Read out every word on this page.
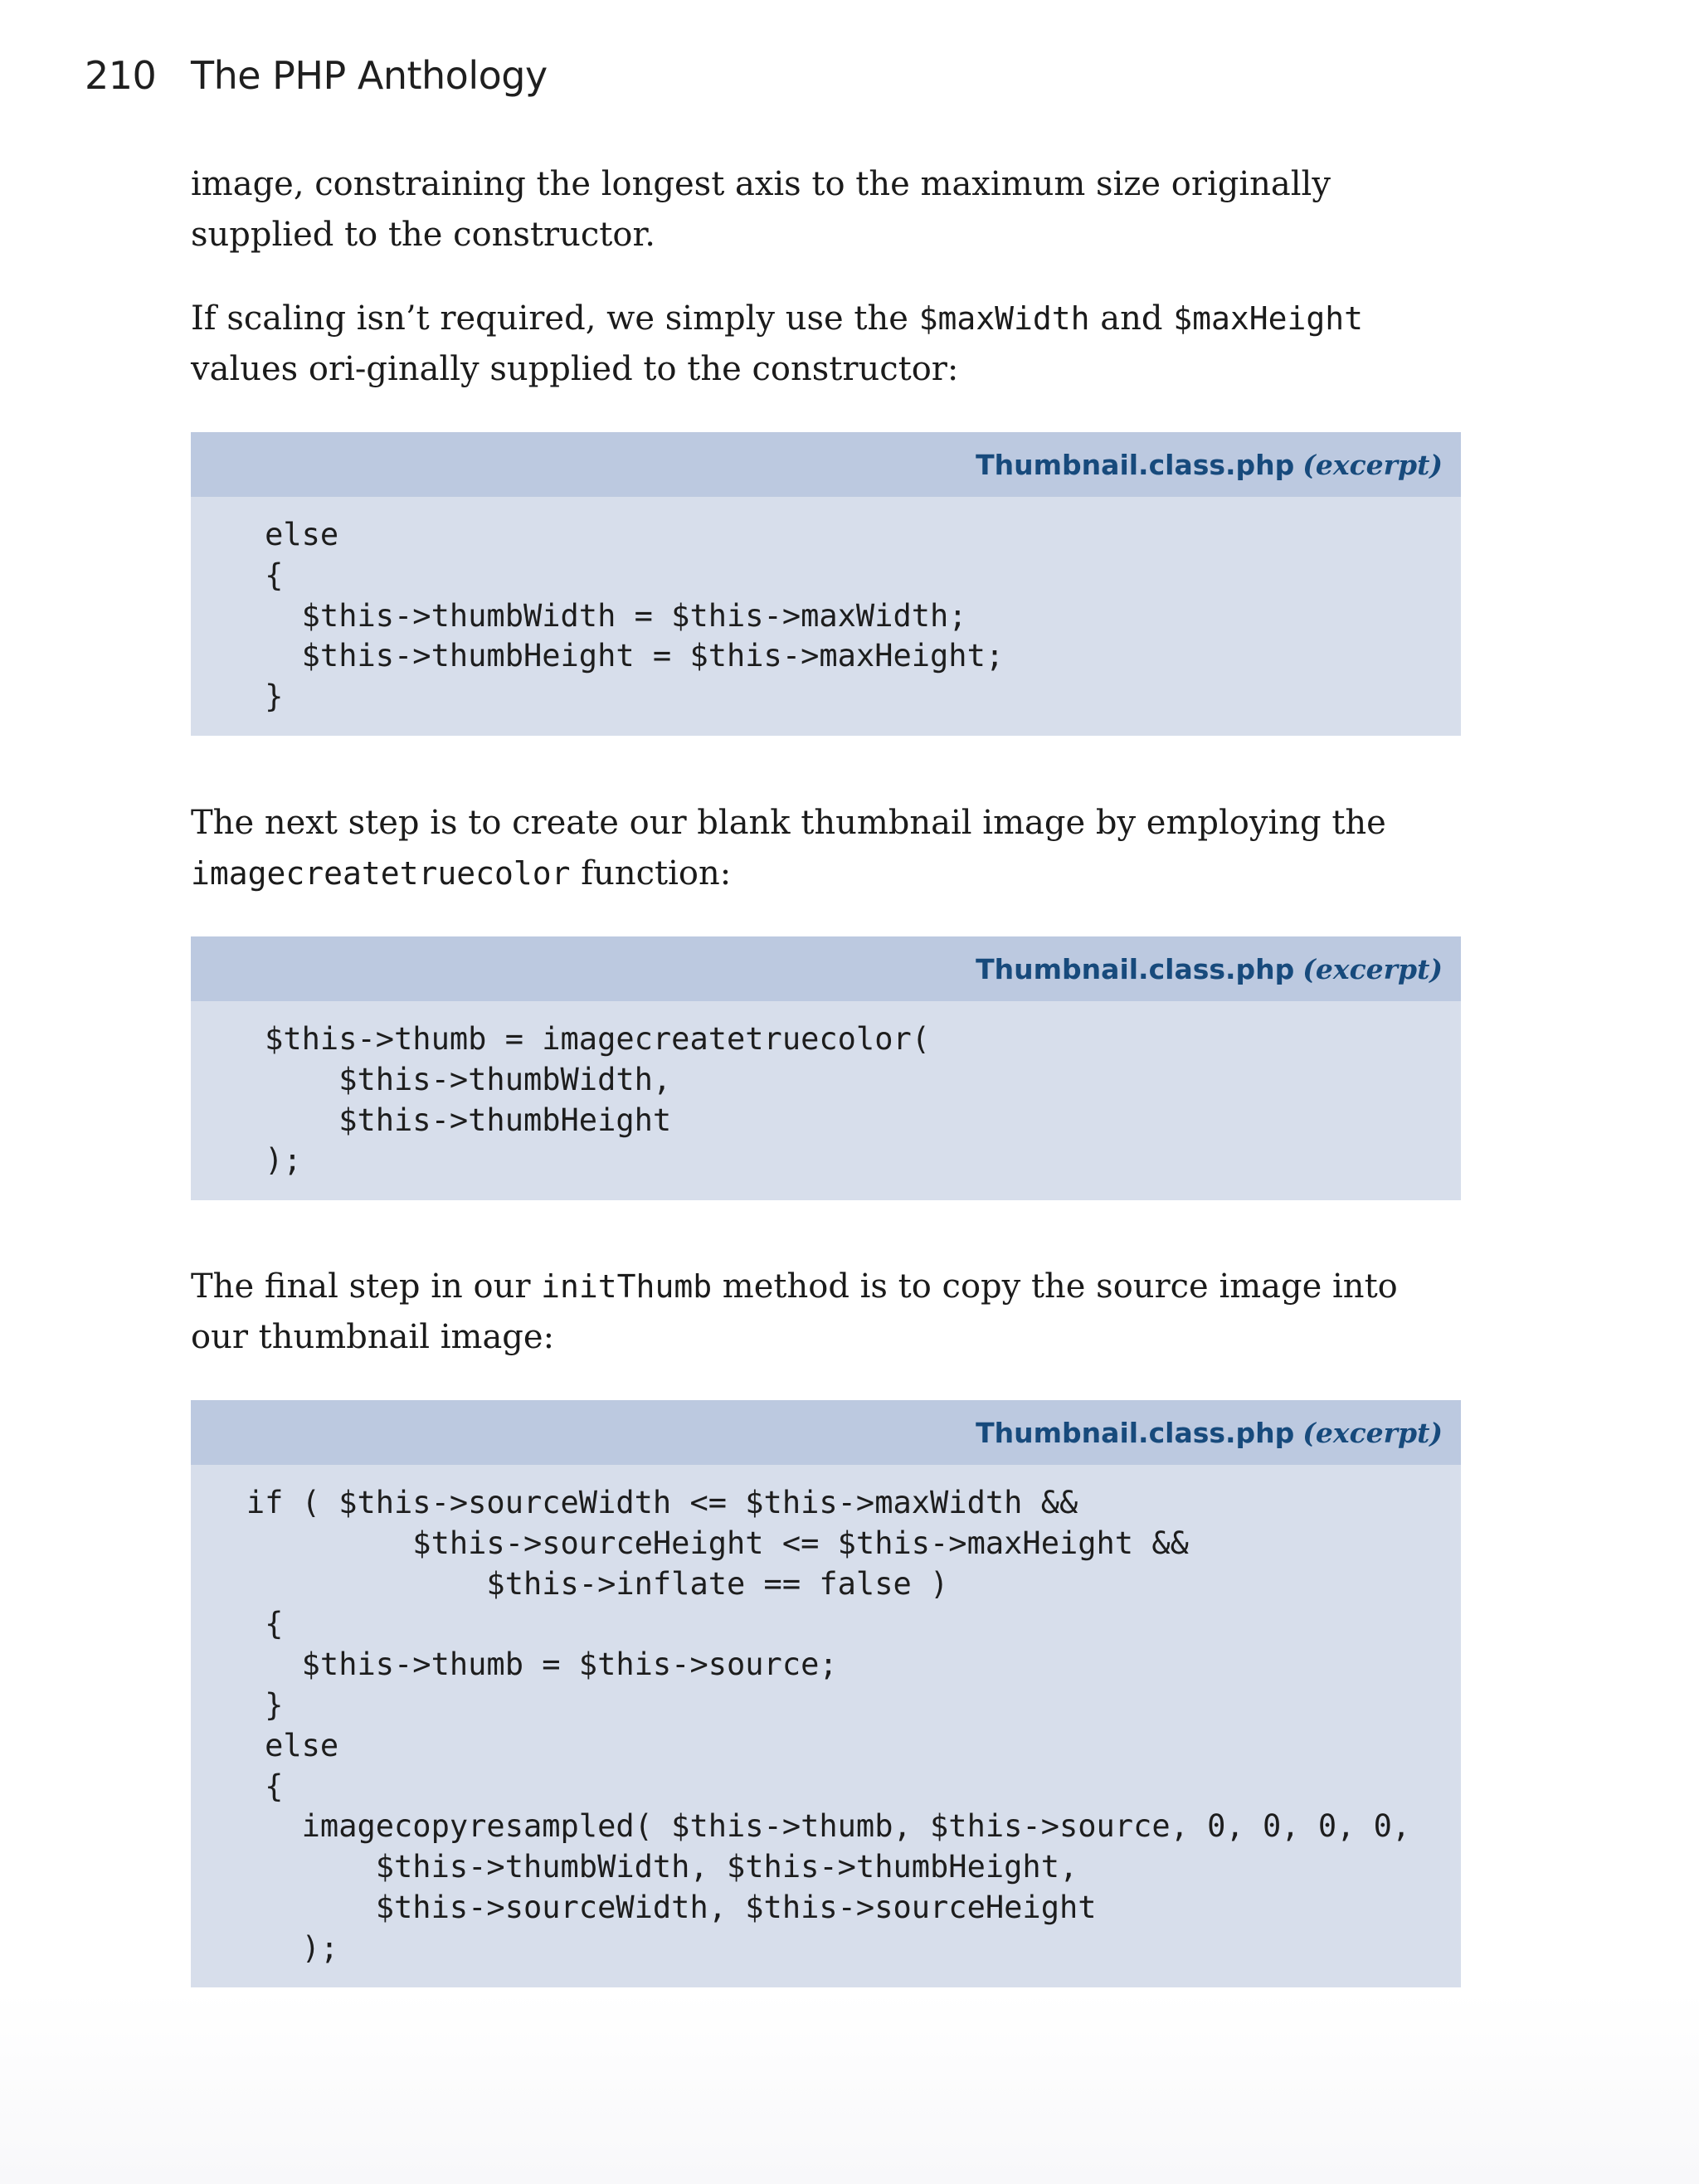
210 The PHP Anthology

image, constraining the longest axis to the maximum size originally supplied to the constructor.

If scaling isn’t required, we simply use the $maxWidth and $maxHeight values ori-ginally supplied to the constructor:

Thumbnail.class.php (excerpt)
else
{
$this->thumbWidth = $this->maxWidth;
$this->thumbHeight = $this->maxHeight;
}

The next step is to create our blank thumbnail image by employing the imagecreatetruecolor function:

Thumbnail.class.php (excerpt)
$this->thumb = imagecreatetruecolor(
$this->thumbWidth,
$this->thumbHeight
);

The final step in our initThumb method is to copy the source image into our thumbnail image:

Thumbnail.class.php (excerpt)
if ( $this->sourceWidth <= $this->maxWidth &&
$this->sourceHeight <= $this->maxHeight &&
$this->inflate == false )
{
$this->thumb = $this->source;
}
else
{
imagecopyresampled( $this->thumb, $this->source, 0, 0, 0, 0,
$this->thumbWidth, $this->thumbHeight,
$this->sourceWidth, $this->sourceHeight
);
